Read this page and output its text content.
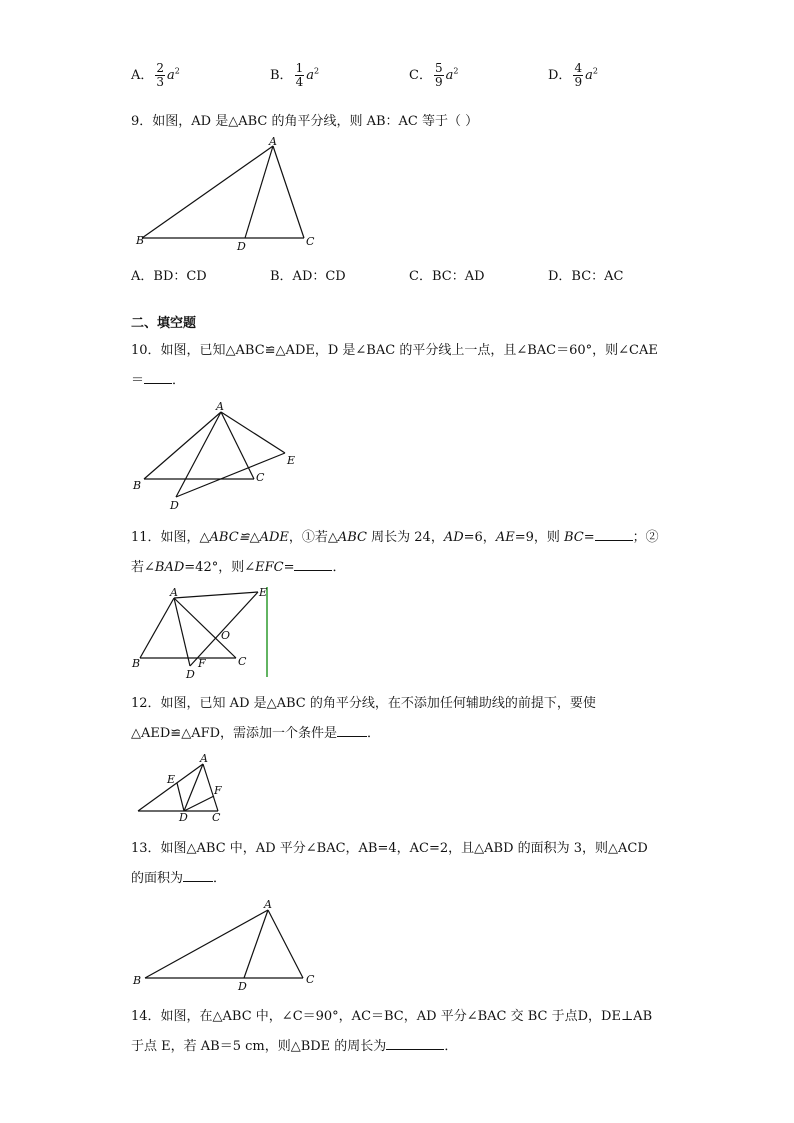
A． $\frac{2}{3} a^2$	B． $\frac{1}{4} a^2$	C． $\frac{5}{9} a^2$	D． $\frac{4}{9} a^2$
9．如图，AD 是△ABC 的角平分线，则 AB：AC 等于（ ）
A
B	C
D
A．BD：CD	B．AD：CD	C．BC：AD	D．BC：AC
二、填空题
10．如图，已知△ABC≌△ADE，D 是∠BAC 的平分线上一点，且∠BAC＝60°，则∠CAE
＝ ．
A
B
C
D
E
11．如图，△ABC≌△ADE，①若△ABC 周长为 24，AD=6，AE=9，则 BC=	；②
若∠BAD=42°，则∠EFC=	．
A
B	C
D
E
F
O
12．如图，已知 AD 是△ABC 的角平分线，在不添加任何辅助线的前提下，要使
△AED≌△AFD，需添加一个条件是 ．
A
E
F
D C
13．如图△ABC 中，AD 平分∠BAC，AB=4，AC=2，且△ABD 的面积为 3，则△ACD
的面积为 ．
A
B	C
D
14．如图，在△ABC 中，∠C＝90°，AC＝BC，AD 平分∠BAC 交 BC 于点D，DE⊥AB
于点 E，若 AB＝5 cm，则△BDE 的周长为	．
